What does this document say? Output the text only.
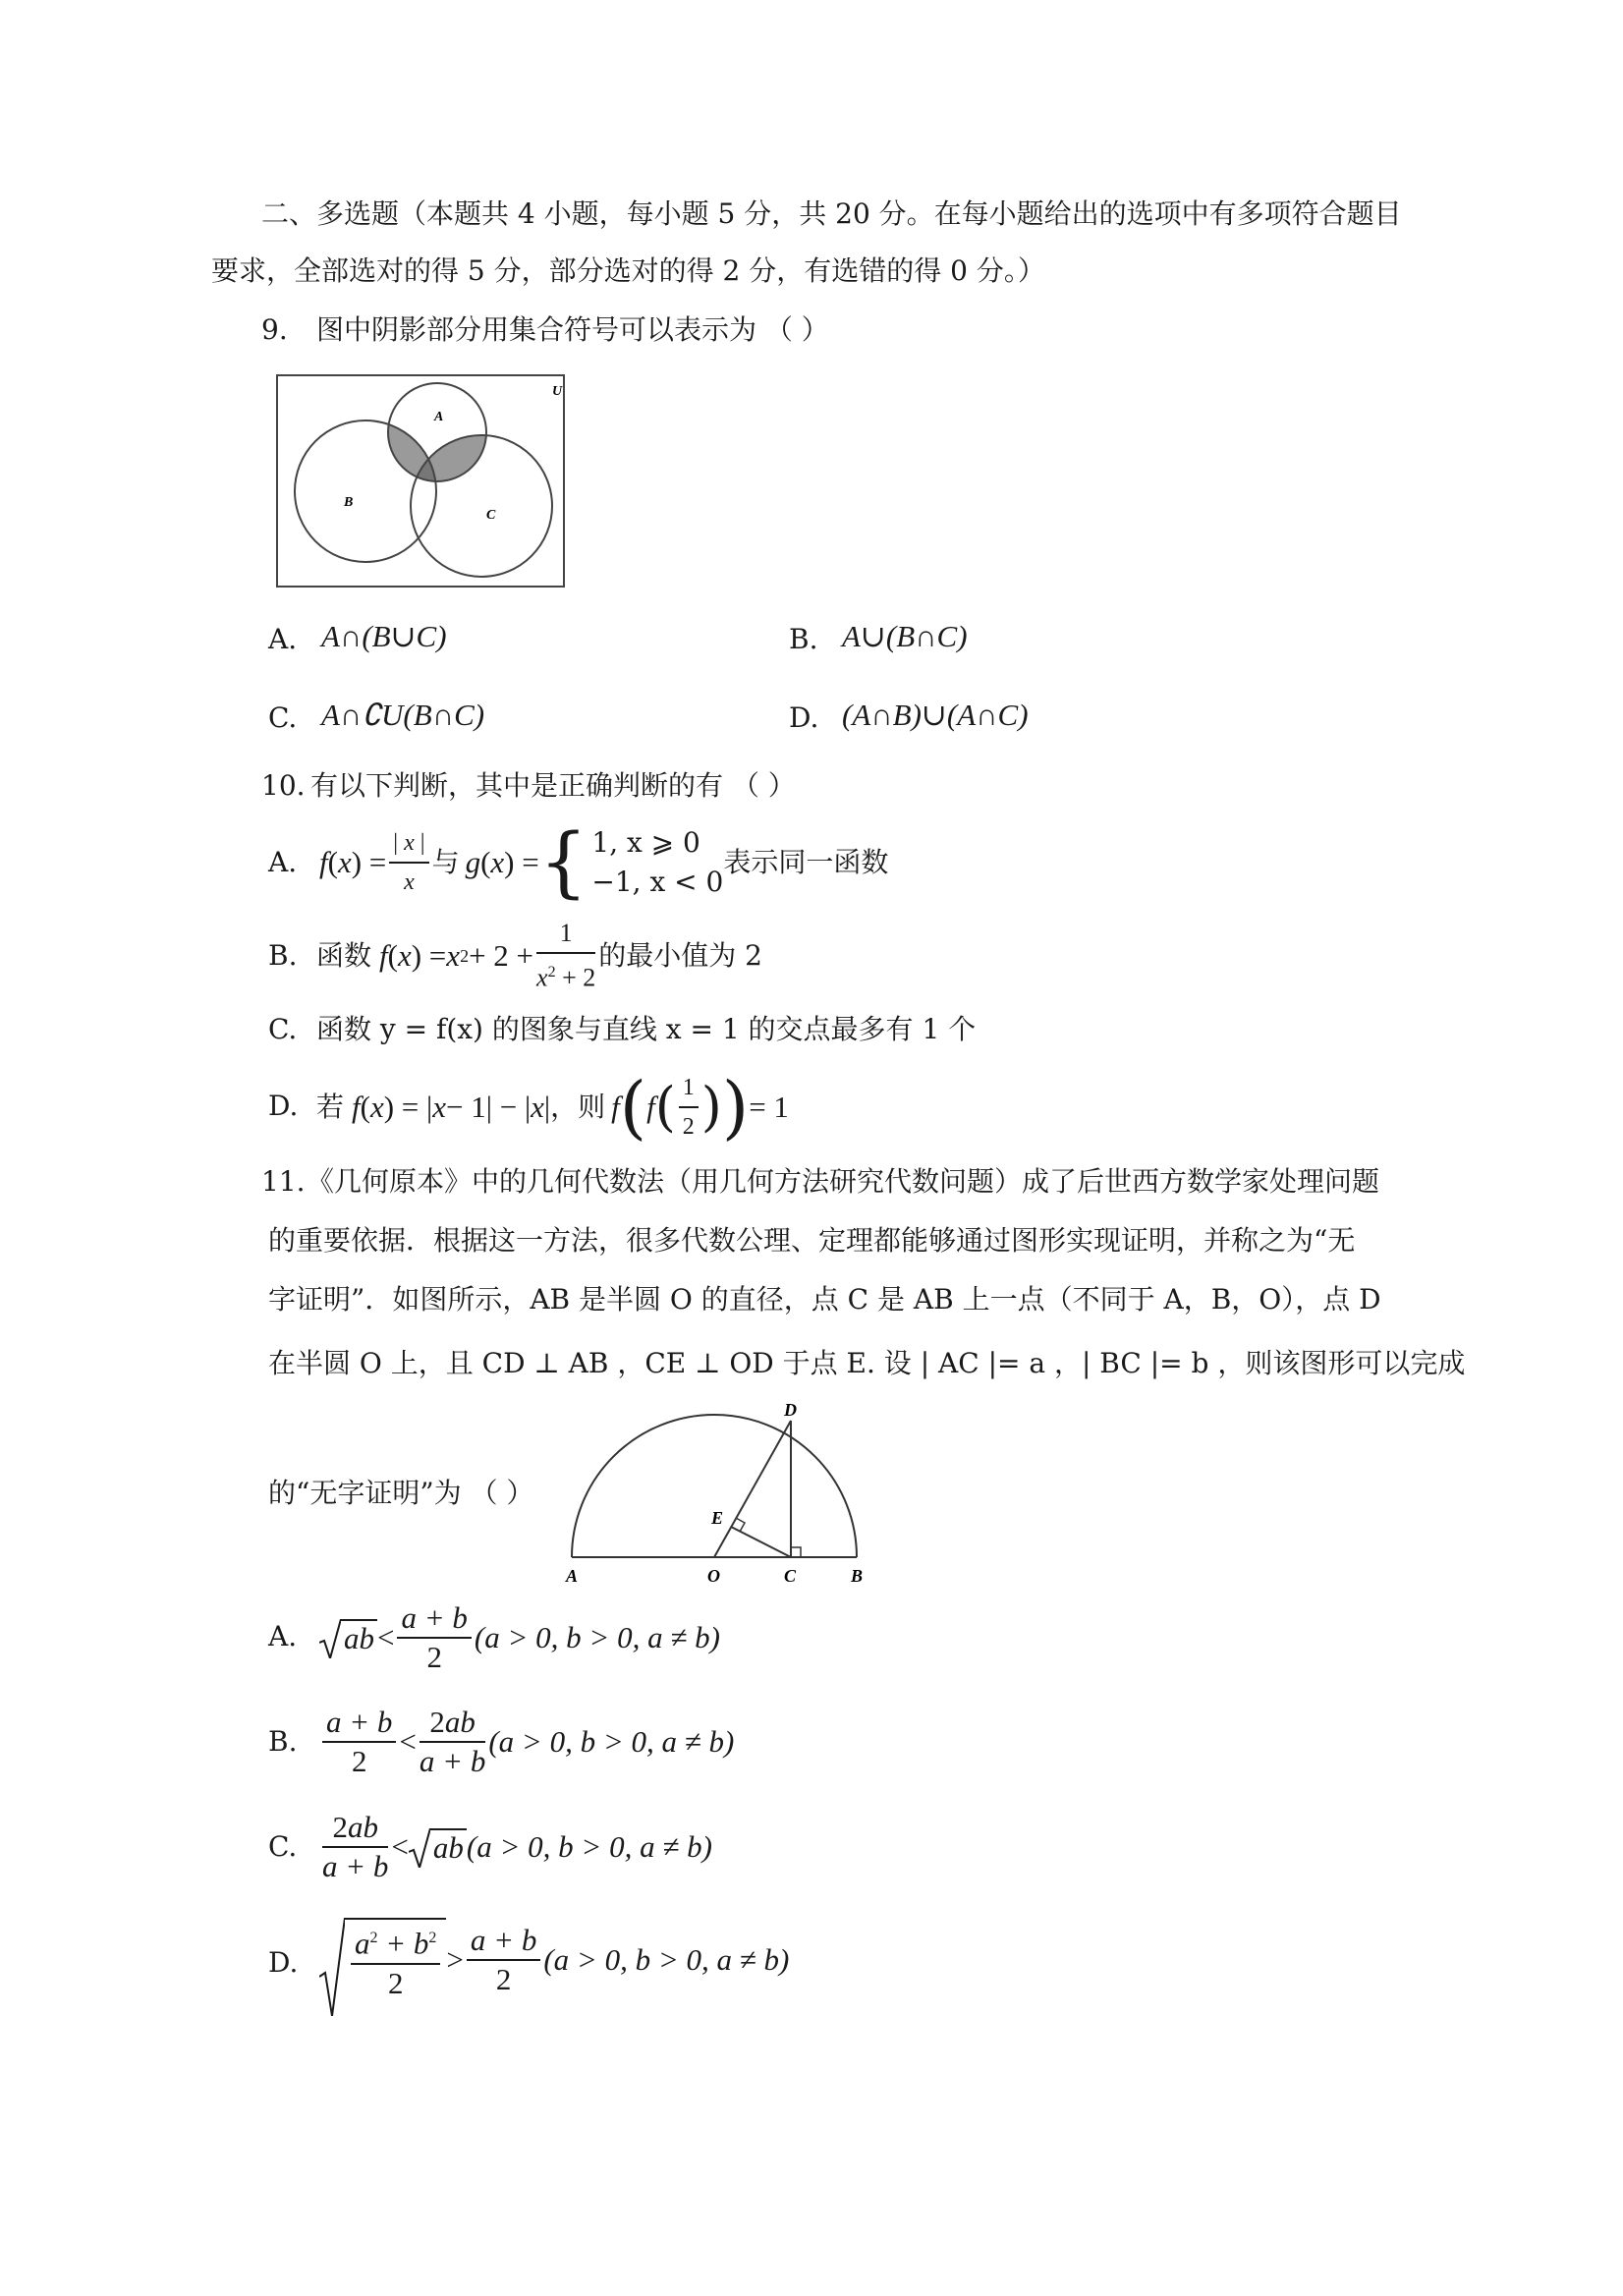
二、多选题（本题共 4 小题，每小题 5 分，共 20 分。在每小题给出的选项中有多项符合题目
要求，全部选对的得 5 分，部分选对的得 2 分，有选错的得 0 分。）
9. 图中阴影部分用集合符号可以表示为 （ ）
U
A
B
C
A. A∩(B∪C)	B. A∪(B∩C)
C. A∩∁U(B∩C)	D. (A∩B)∪(A∩C)
10. 有以下判断，其中是正确判断的有 （ ）
A. f ( x ) = $\frac{| x |}{x}$ 与 g ( x ) = { 1, x ⩾ 0
−1, x < 0
表示同一函数
B. 函数 f ( x ) = x $2 + 2 + \frac{1}{x^2 + 2}$ 的最小值为 2
C. 函数 y = f(x) 的图象与直线 x = 1 的交点最多有 1 个
D. 若 f ( x ) = | x − 1| − | x | ，则 f ( f ( $\frac{1}{2}$ ) ) = 1
11. 《几何原本》中的几何代数法（用几何方法研究代数问题）成了后世西方数学家处理问题
的重要依据．根据这一方法，很多代数公理、定理都能够通过图形实现证明，并称之为“无
字证明”．如图所示，AB 是半圆 O 的直径，点 C 是 AB 上一点（不同于 A，B，O），点 D
在半圆 O 上，且 CD ⊥ AB ，CE ⊥ OD 于点 E. 设 | AC |= a ，| BC |= b ，则该图形可以完成
的“无字证明”为 （ ）
D
E
A	O	C	B
A.	ab < $\frac{a + b}{2} (a > 0$, b > 0, a ≠ b)
B. $\frac{a + b}{2} < \frac{2ab}{a + b} (a > 0$, b > 0, a ≠ b)
C. $\frac{2ab}{a + b}$ < ab (a > 0, b > 0, a ≠ b)
D. $\frac{a^2 + b^2}{2} > \frac{a + b}{2} (a > 0$, b > 0, a ≠ b)
